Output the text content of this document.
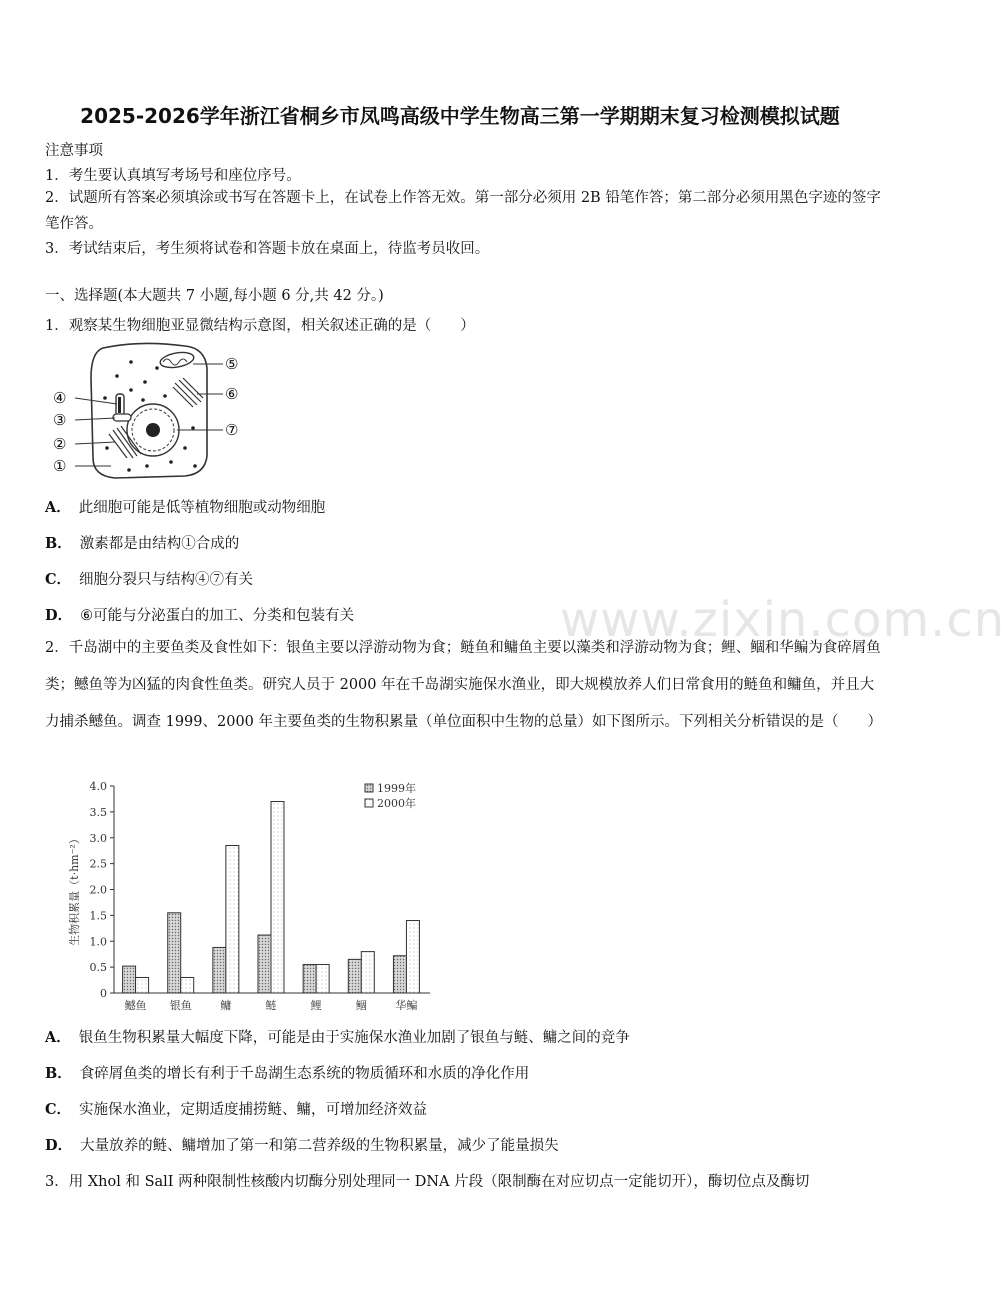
2025-2026学年浙江省桐乡市凤鸣高级中学生物高三第一学期期末复习检测模拟试题
注意事项
1．考生要认真填写考场号和座位序号。
2．试题所有答案必须填涂或书写在答题卡上，在试卷上作答无效。第一部分必须用 2B 铅笔作答；第二部分必须用黑色字迹的签字笔作答。
3．考试结束后，考生须将试卷和答题卡放在桌面上，待监考员收回。
一、选择题(本大题共 7 小题,每小题 6 分,共 42 分。)
1．观察某生物细胞亚显微结构示意图，相关叙述正确的是（　　）
⑤
④	⑥
③
⑦
②
①
A． 此细胞可能是低等植物细胞或动物细胞
B． 激素都是由结构①合成的
C． 细胞分裂只与结构④⑦有关
D． ⑥可能与分泌蛋白的加工、分类和包装有关	www.zixin.com.cn
2．千岛湖中的主要鱼类及食性如下：银鱼主要以浮游动物为食；鲢鱼和鳙鱼主要以藻类和浮游动物为食；鲤、鲴和华鳊为食碎屑鱼类；鳡鱼等为凶猛的肉食性鱼类。研究人员于 2000 年在千岛湖实施保水渔业，即大规模放养人们日常食用的鲢鱼和鳙鱼，并且大力捕杀鳡鱼。调查 1999、2000 年主要鱼类的生物积累量（单位面积中生物的总量）如下图所示。下列相关分析错误的是（　　）
0
0.5
1.0
1.5
2.0
2.5
3.0
3.5
4.0
生物积累量（t·hm⁻²）
鳡鱼 银鱼	鳙	鲢	鲤	鲴	华鳊
1999年
2000年
A． 银鱼生物积累量大幅度下降，可能是由于实施保水渔业加剧了银鱼与鲢、鳙之间的竞争
B． 食碎屑鱼类的增长有利于千岛湖生态系统的物质循环和水质的净化作用
C． 实施保水渔业，定期适度捕捞鲢、鳙，可增加经济效益
D． 大量放养的鲢、鳙增加了第一和第二营养级的生物积累量，减少了能量损失
3．用 Xhol 和 SalI 两种限制性核酸内切酶分别处理同一 DNA 片段（限制酶在对应切点一定能切开），酶切位点及酶切
